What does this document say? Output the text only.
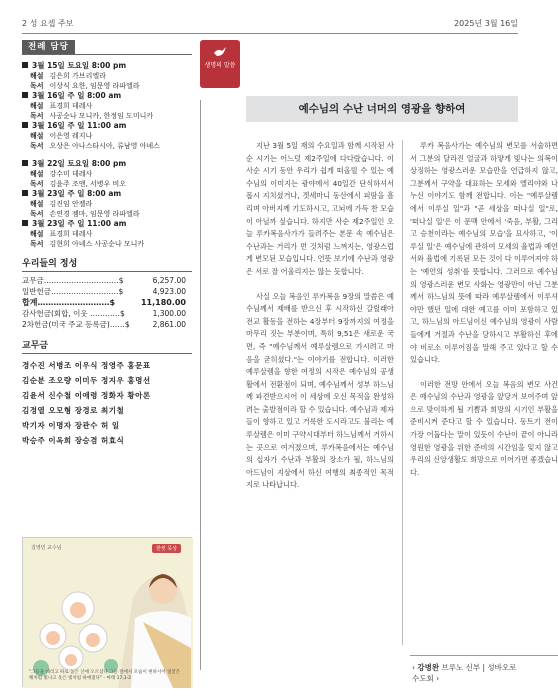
2 성 요셉 주보	2025년 3월 16일
전례 담당
3월 15일 토요일 8:00 pm
해설 김은희 가브리엘라
독서 이상식 요한, 임문영 라파엘라
3월 16일 주 일 8:00 am
해설 표경희 데레사
독서 사공순나 모니카, 한정임 도미니카
3월 16일 주 일 11:00 am
해설 이은영 레지나
독서 오상은 아나스타시아, 류남영 아녜스
3월 22일 토요일 8:00 pm
해설 강수미 데레사
독서 김윤주 조앤, 서병우 비오
3월 23일 주 일 8:00 am
해설 김진임 안젤라
독서 손연경 젬마, 임문영 라파엘라
3월 23일 주 일 11:00 am
해설 표경희 데레사
독서 김현희 아녜스 사공순나 모니카
우리들의 정성
교무금…………………………$	6,257.00
일반헌금………………………$	4,923.00
합계………………………$	11,180.00
감사헌금(회합, 이웃 …………$	1,300.00
2차헌금(미국 주교 등록금)……$	2,861.00
교무금
경수진 서병조 이우식 정영주 홍문표
김순분 조오량 이미두 정지우 홍명선
김윤서 신수철 이애령 정화자 황아론
김정열 오모형 장경로 최기철
박기자 이명자 장관수 허 일
박승주 이옥희 장승겸 허효식
김영민 교수님	한컷 묵상
"그들을 데리고 따로 높은 산에 오르셨다 그들 앞에서 모습이 변하시어 얼굴은 해처럼 빛나고 옷은 빛처럼 하얘졌다" - 마태 17,1-2
생명의 말씀
예수님의 수난 너머의 영광을 향하여

지난 3월 5일 재의 수요일과 함께 시작된 사순 시기는 어느덧 제2주일에 다다랐습니다. 이 사순 시기 동안 우리가 쉽게 떠올릴 수 있는 예수님의 이미지는 광야에서 40일간 단식하셔서 몹시 지치셨거나, 겟세마니 동산에서 피땀을 흘리며 아버지께 기도하시고, 고뇌에 가득 찬 모습이 아닐까 싶습니다. 하지만 사순 제2주일인 오늘 루카복음사가가 들려주는 본문 속 예수님은 수난과는 거리가 먼 것처럼 느껴지는, 영광스럽게 변모된 모습입니다. 언뜻 보기에 수난과 영광은 서로 잘 어울리지는 않는 듯합니다.

사실 오늘 복음인 루카복음 9장의 말씀은 예수님께서 제배를 받으신 후 시작하신 갈릴래아 전교 활동을 전하는 4장부터 9장까지의 여정을 마무리 짓는 부분이며, 특히 9,51은 새로운 국면, 즉 "예수님께서 예루살렘으로 가시려고 마음을 굳히셨다."는 이야기를 전합니다. 이러한 예루살렘을 향한 여정의 시작은 예수님의 공생활에서 전환점이 되며, 예수님께서 성부 하느님께 파견받으시어 이 세상에 오신 목적을 완성하려는 출발점이라 할 수 있습니다. 예수님과 제자들이 향하고 있고 거룩한 도시라고도 불리는 예루살렘은 이미 구약시대부터 하느님께서 거하시는 곳으로 여겨졌으며, 루카복음에서는 예수님의 십자가 수난과 부활의 장소가 될, 하느님의 아드님이 지상에서 하신 여행의 최종적인 목적지로 나타납니다.

루카 복음사가는 예수님의 변모를 서술하면서 그분의 달라진 얼굴과 하얗게 빛나는 의복이 상징하는 영광스러운 모습만을 언급하지 않고, 그분께서 구약을 대표하는 모세와 엘리야와 나누신 이야기도 함께 전합니다. 이는 "예루살렘에서 이루실 일"과 "곧 세상을 떠나실 일"로, '떠나실 일'은 이 문맥 안에서 '죽음, 부활, 그리고 승천이라는 예수님의 모습'을 묘사하고, '이루실 일'은 예수님에 관하여 모세의 율법과 예언서와 율법에 기록된 모든 것이 다 이루어져야 하는 '예언의 성취'를 뜻합니다. 그러므로 예수님의 영광스러운 변모 사화는 영광만이 아닌 그분께서 하느님의 뜻에 따라 예루살렘에서 이루셔야만 했던 일에 대한 예고를 이미 포함하고 있고, 하느님의 아드님이신 예수님의 영광이 사람들에게 거절과 수난을 당하시고 부활하신 후에야 비로소 이루어짐을 말해 주고 있다고 할 수 있습니다.

이러한 전망 안에서 오늘 복음의 변모 사건은 예수님의 수난과 영광을 앞당겨 보여주며 앞으로 맞이하게 될 기쁨과 희망의 시기인 부활을 준비시켜 준다고 할 수 있습니다. 동트기 전이 가장 어둡다는 말이 있듯이 수난이 끝이 아니라 영원한 영광을 위한 준비의 시간임을 잊지 않고 우리의 신앙생활도 희망으로 이어가면 좋겠습니다.

‹ 강병완 브루노 신부 | 성바오로수도회 ›
